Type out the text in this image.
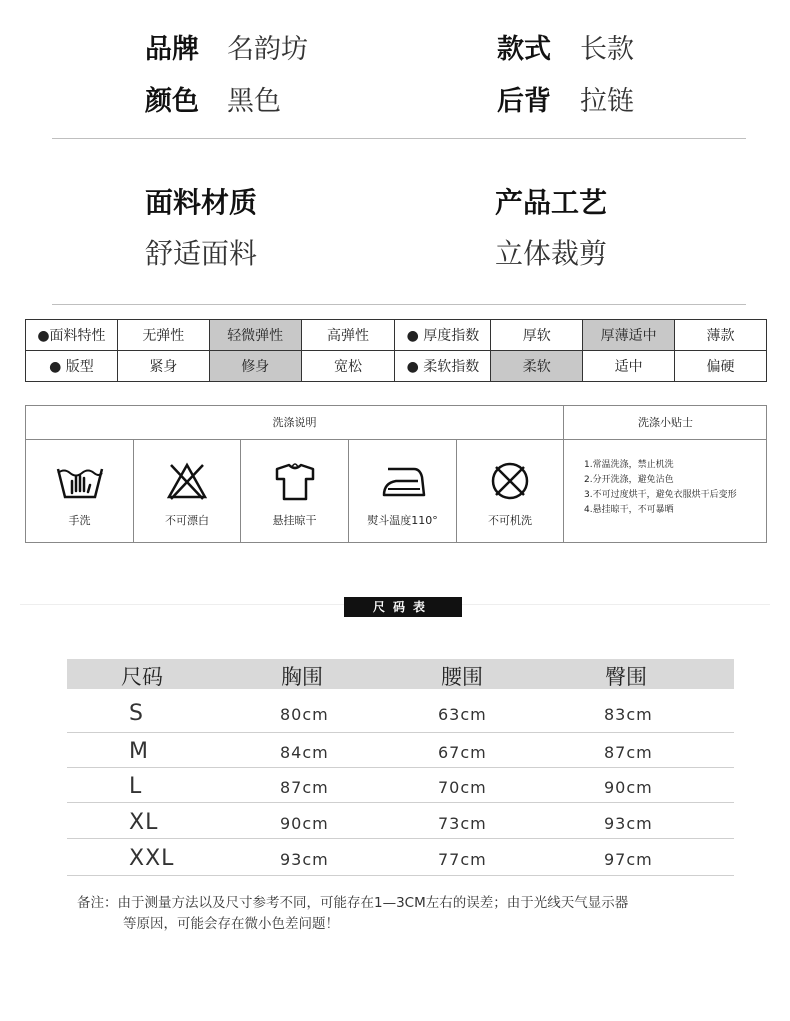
品牌 名韵坊	款式 长款
颜色 黑色	后背 拉链
面料材质
舒适面料
产品工艺
立体裁剪
●面料特性	无弹性	轻微弹性	高弹性	● 厚度指数	厚软	厚薄适中	薄款
● 版型	紧身	修身	宽松	● 柔软指数	柔软	适中	偏硬
洗涤说明	洗涤小贴士
手洗	不可漂白	悬挂晾干	熨斗温度110°	不可机洗
1.常温洗涤，禁止机洗
2.分开洗涤，避免沾色
3.不可过度烘干，避免衣服烘干后变形
4.悬挂晾干，不可暴晒
尺码表
尺码	胸围	腰围	臀围
S	80cm	63cm	83cm
M	84cm	67cm	87cm
L	87cm	70cm	90cm
XL	90cm	73cm	93cm
XXL	93cm	77cm	97cm
备注：由于测量方法以及尺寸参考不同，可能存在1—3CM左右的误差；由于光线天气显示器
等原因，可能会存在微小色差问题！
